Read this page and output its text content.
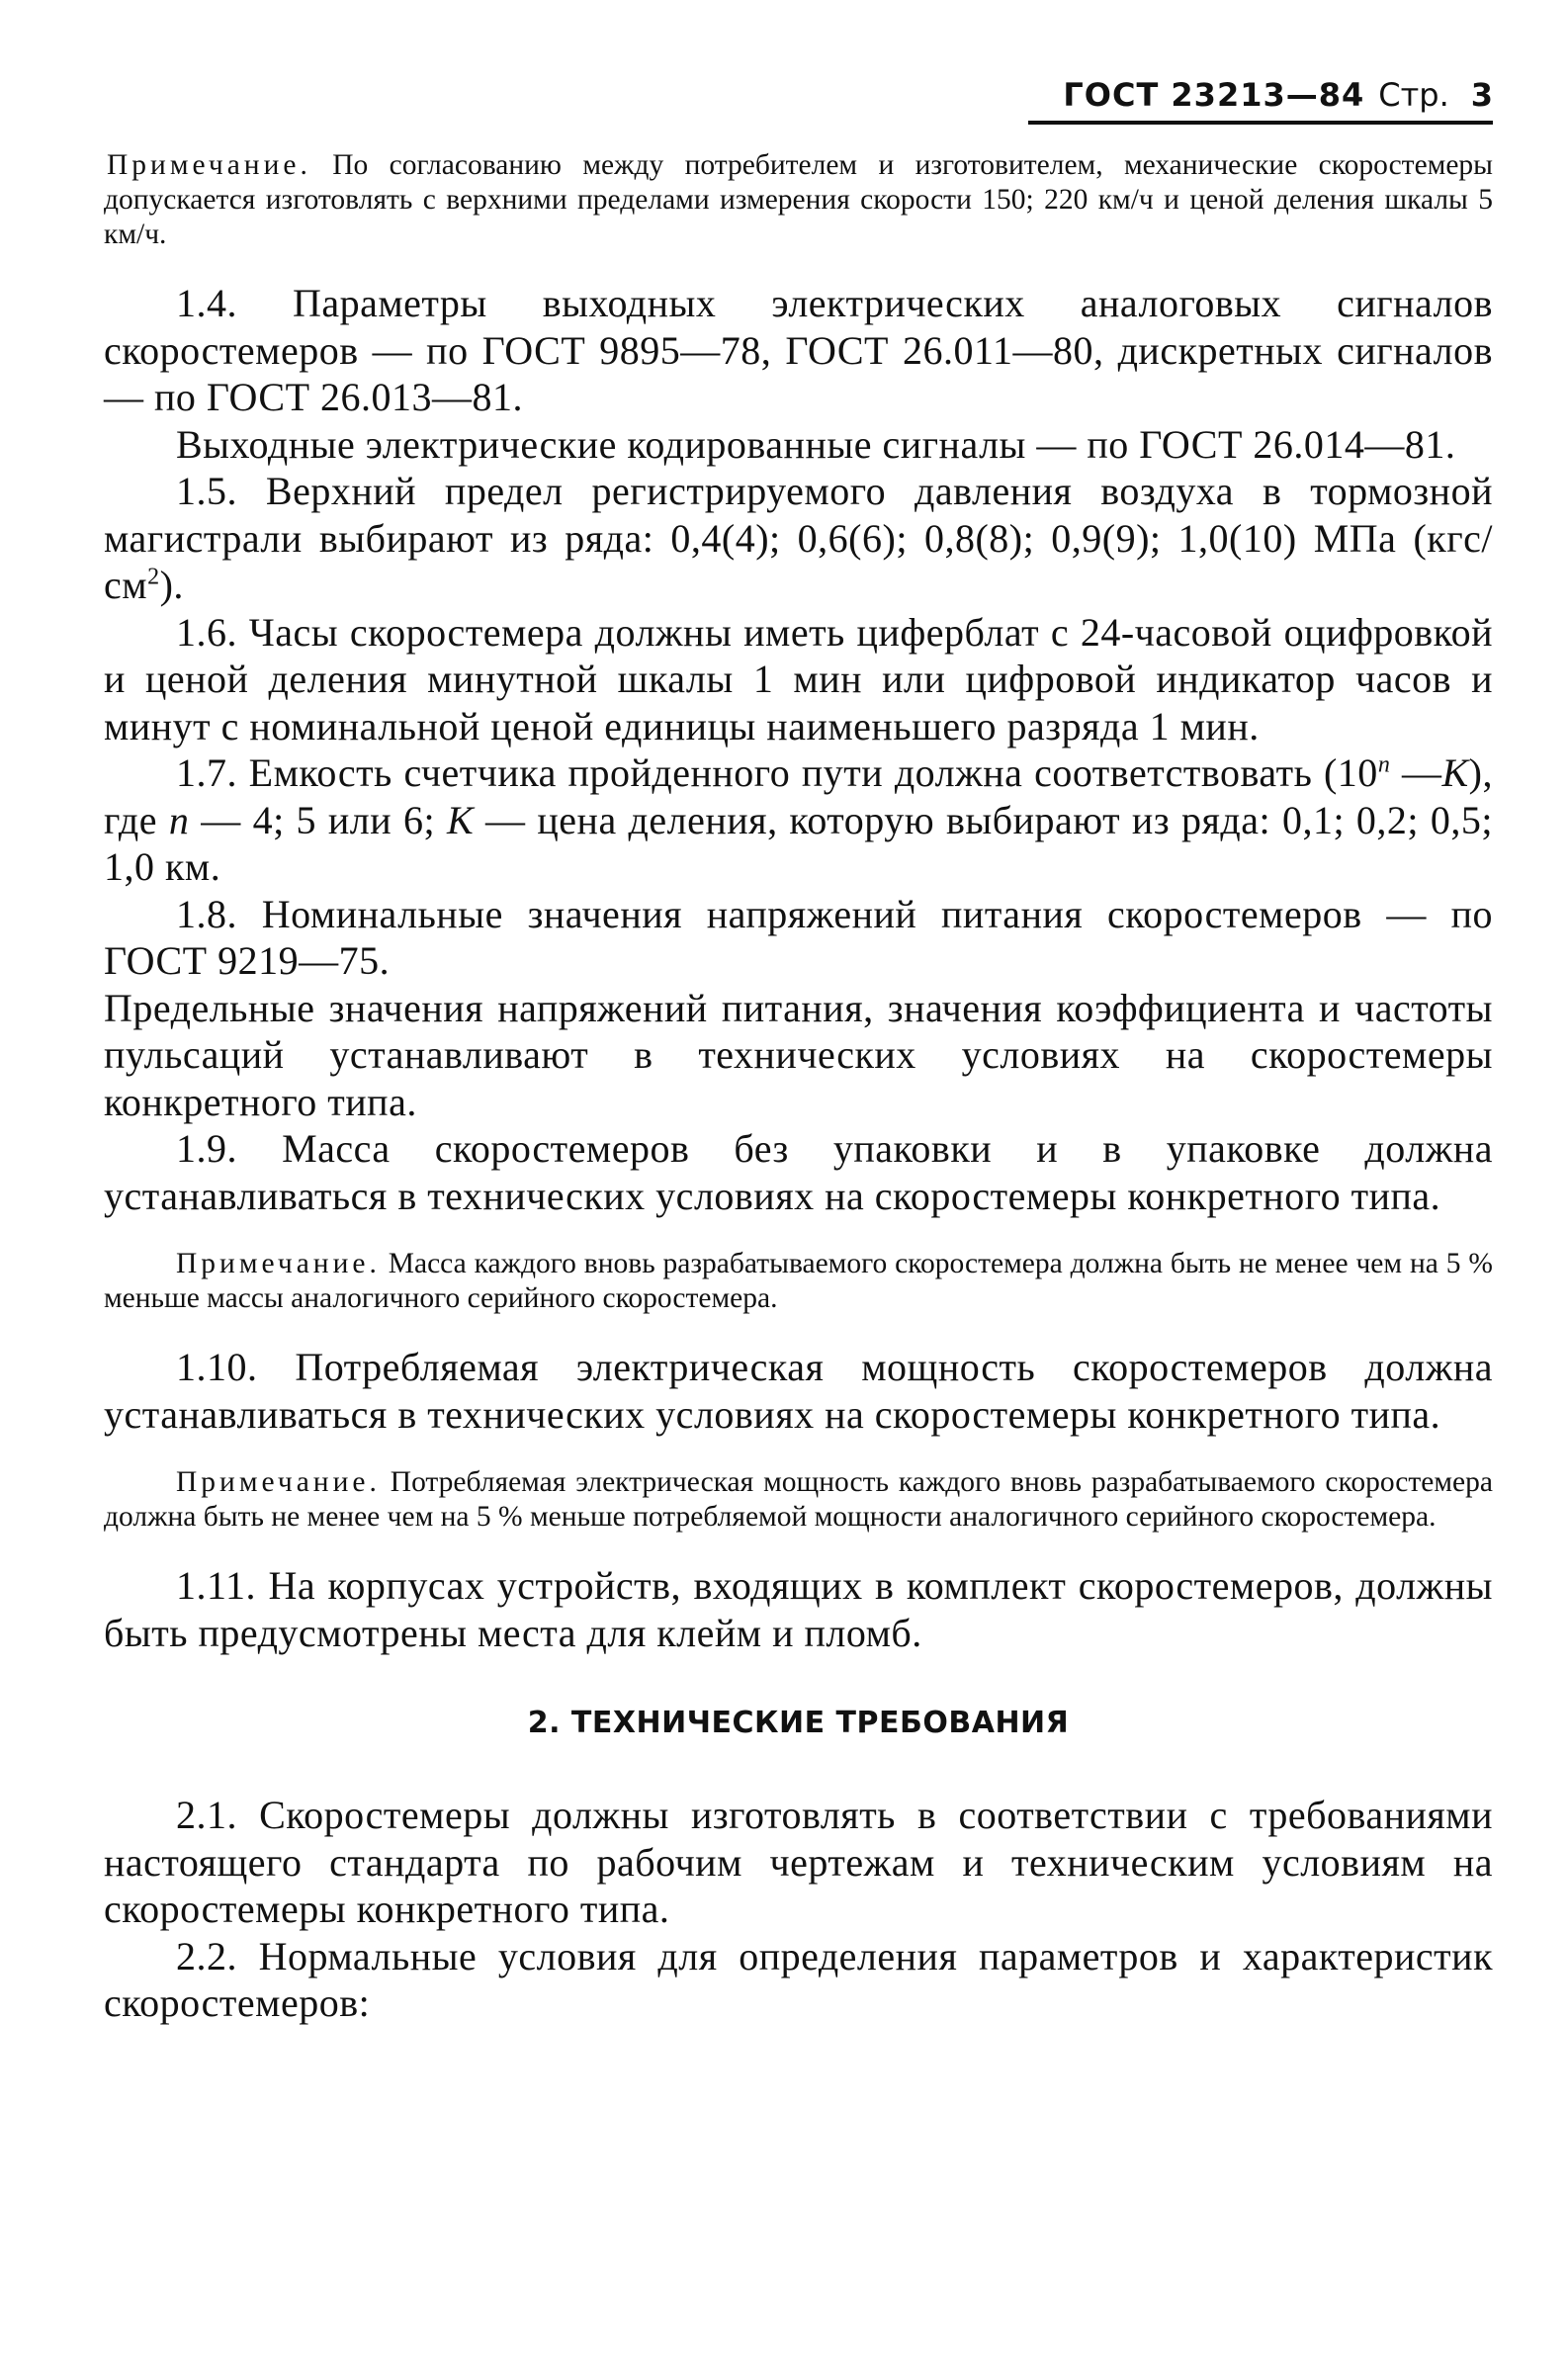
ГОСТ 23213—84 Стр. 3

Примечание. По согласованию между потребителем и изготовителем, механические скоростемеры допускается изготовлять с верхними пределами измерения скорости 150; 220 км/ч и ценой деления шкалы 5 км/ч.

1.4. Параметры выходных электрических аналоговых сигналов скоростемеров — по ГОСТ 9895—78, ГОСТ 26.011—80, дискретных сигналов — по ГОСТ 26.013—81.

Выходные электрические кодированные сигналы — по ГОСТ 26.014—81.

1.5. Верхний предел регистрируемого давления воздуха в тормозной магистрали выбирают из ряда: 0,4(4); 0,6(6); 0,8(8); 0,9(9); 1,0(10) МПа $(кгс/см^2)$.

1.6. Часы скоростемера должны иметь циферблат с 24-часовой оцифровкой и ценой деления минутной шкалы 1 мин или цифровой индикатор часов и минут с номинальной ценой единицы наименьшего разряда 1 мин.

1.7. Емкость счетчика пройденного пути должна соответствовать (10$^n$ —K), где n — 4; 5 или 6; K — цена деления, которую выбирают из ряда: 0,1; 0,2; 0,5; 1,0 км.

1.8. Номинальные значения напряжений питания скоростемеров — по ГОСТ 9219—75.

Предельные значения напряжений питания, значения коэффициента и частоты пульсаций устанавливают в технических условиях на скоростемеры конкретного типа.

1.9. Масса скоростемеров без упаковки и в упаковке должна устанавливаться в технических условиях на скоростемеры конкретного типа.

Примечание. Масса каждого вновь разрабатываемого скоростемера должна быть не менее чем на 5 % меньше массы аналогичного серийного скоростемера.

1.10. Потребляемая электрическая мощность скоростемеров должна устанавливаться в технических условиях на скоростемеры конкретного типа.

Примечание. Потребляемая электрическая мощность каждого вновь разрабатываемого скоростемера должна быть не менее чем на 5 % меньше потребляемой мощности аналогичного серийного скоростемера.

1.11. На корпусах устройств, входящих в комплект скоростемеров, должны быть предусмотрены места для клейм и пломб.

2. ТЕХНИЧЕСКИЕ ТРЕБОВАНИЯ

2.1. Скоростемеры должны изготовлять в соответствии с требованиями настоящего стандарта по рабочим чертежам и техническим условиям на скоростемеры конкретного типа.

2.2. Нормальные условия для определения параметров и характеристик скоростемеров:
